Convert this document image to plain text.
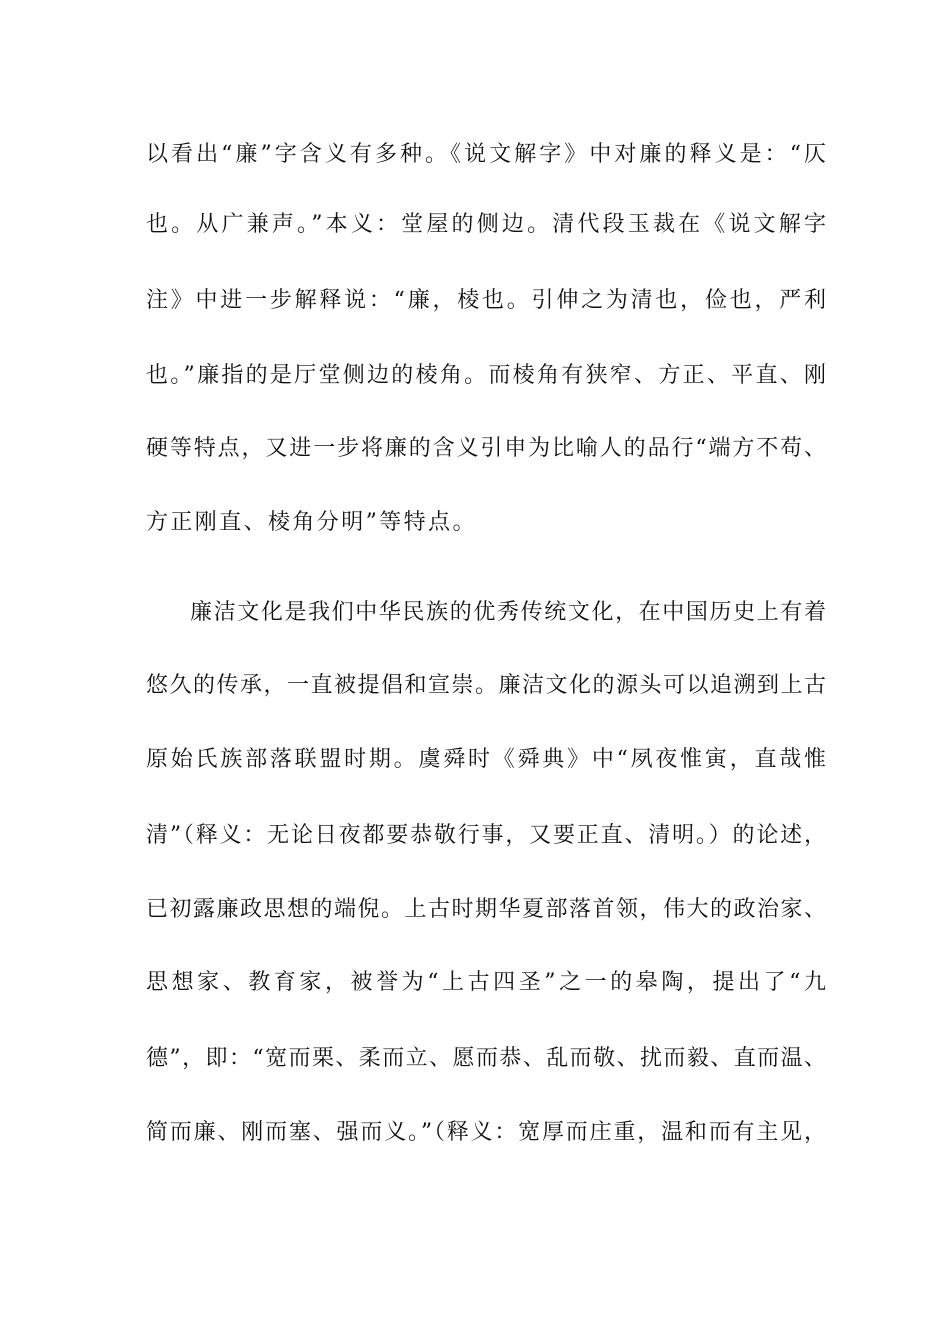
以看出“廉”字含义有多种。《说文解字》中对廉的释义是：“仄
也。从广兼声。”本义：堂屋的侧边。清代段玉裁在《说文解字
注》中进一步解释说：“廉，棱也。引伸之为清也，俭也，严利
也。”廉指的是厅堂侧边的棱角。而棱角有狭窄、方正、平直、刚
硬等特点，又进一步将廉的含义引申为比喻人的品行“端方不苟、
方正刚直、棱角分明”等特点。
廉洁文化是我们中华民族的优秀传统文化，在中国历史上有着
悠久的传承，一直被提倡和宣崇。廉洁文化的源头可以追溯到上古
原始氏族部落联盟时期。虞舜时《舜典》中“夙夜惟寅，直哉惟
清”（释义：无论日夜都要恭敬行事，又要正直、清明。）的论述，
已初露廉政思想的端倪。上古时期华夏部落首领，伟大的政治家、
思想家、教育家，被誉为“上古四圣”之一的皋陶，提出了“九
德”，即：“宽而栗、柔而立、愿而恭、乱而敬、扰而毅、直而温、
简而廉、刚而塞、强而义。”（释义：宽厚而庄重，温和而有主见，
